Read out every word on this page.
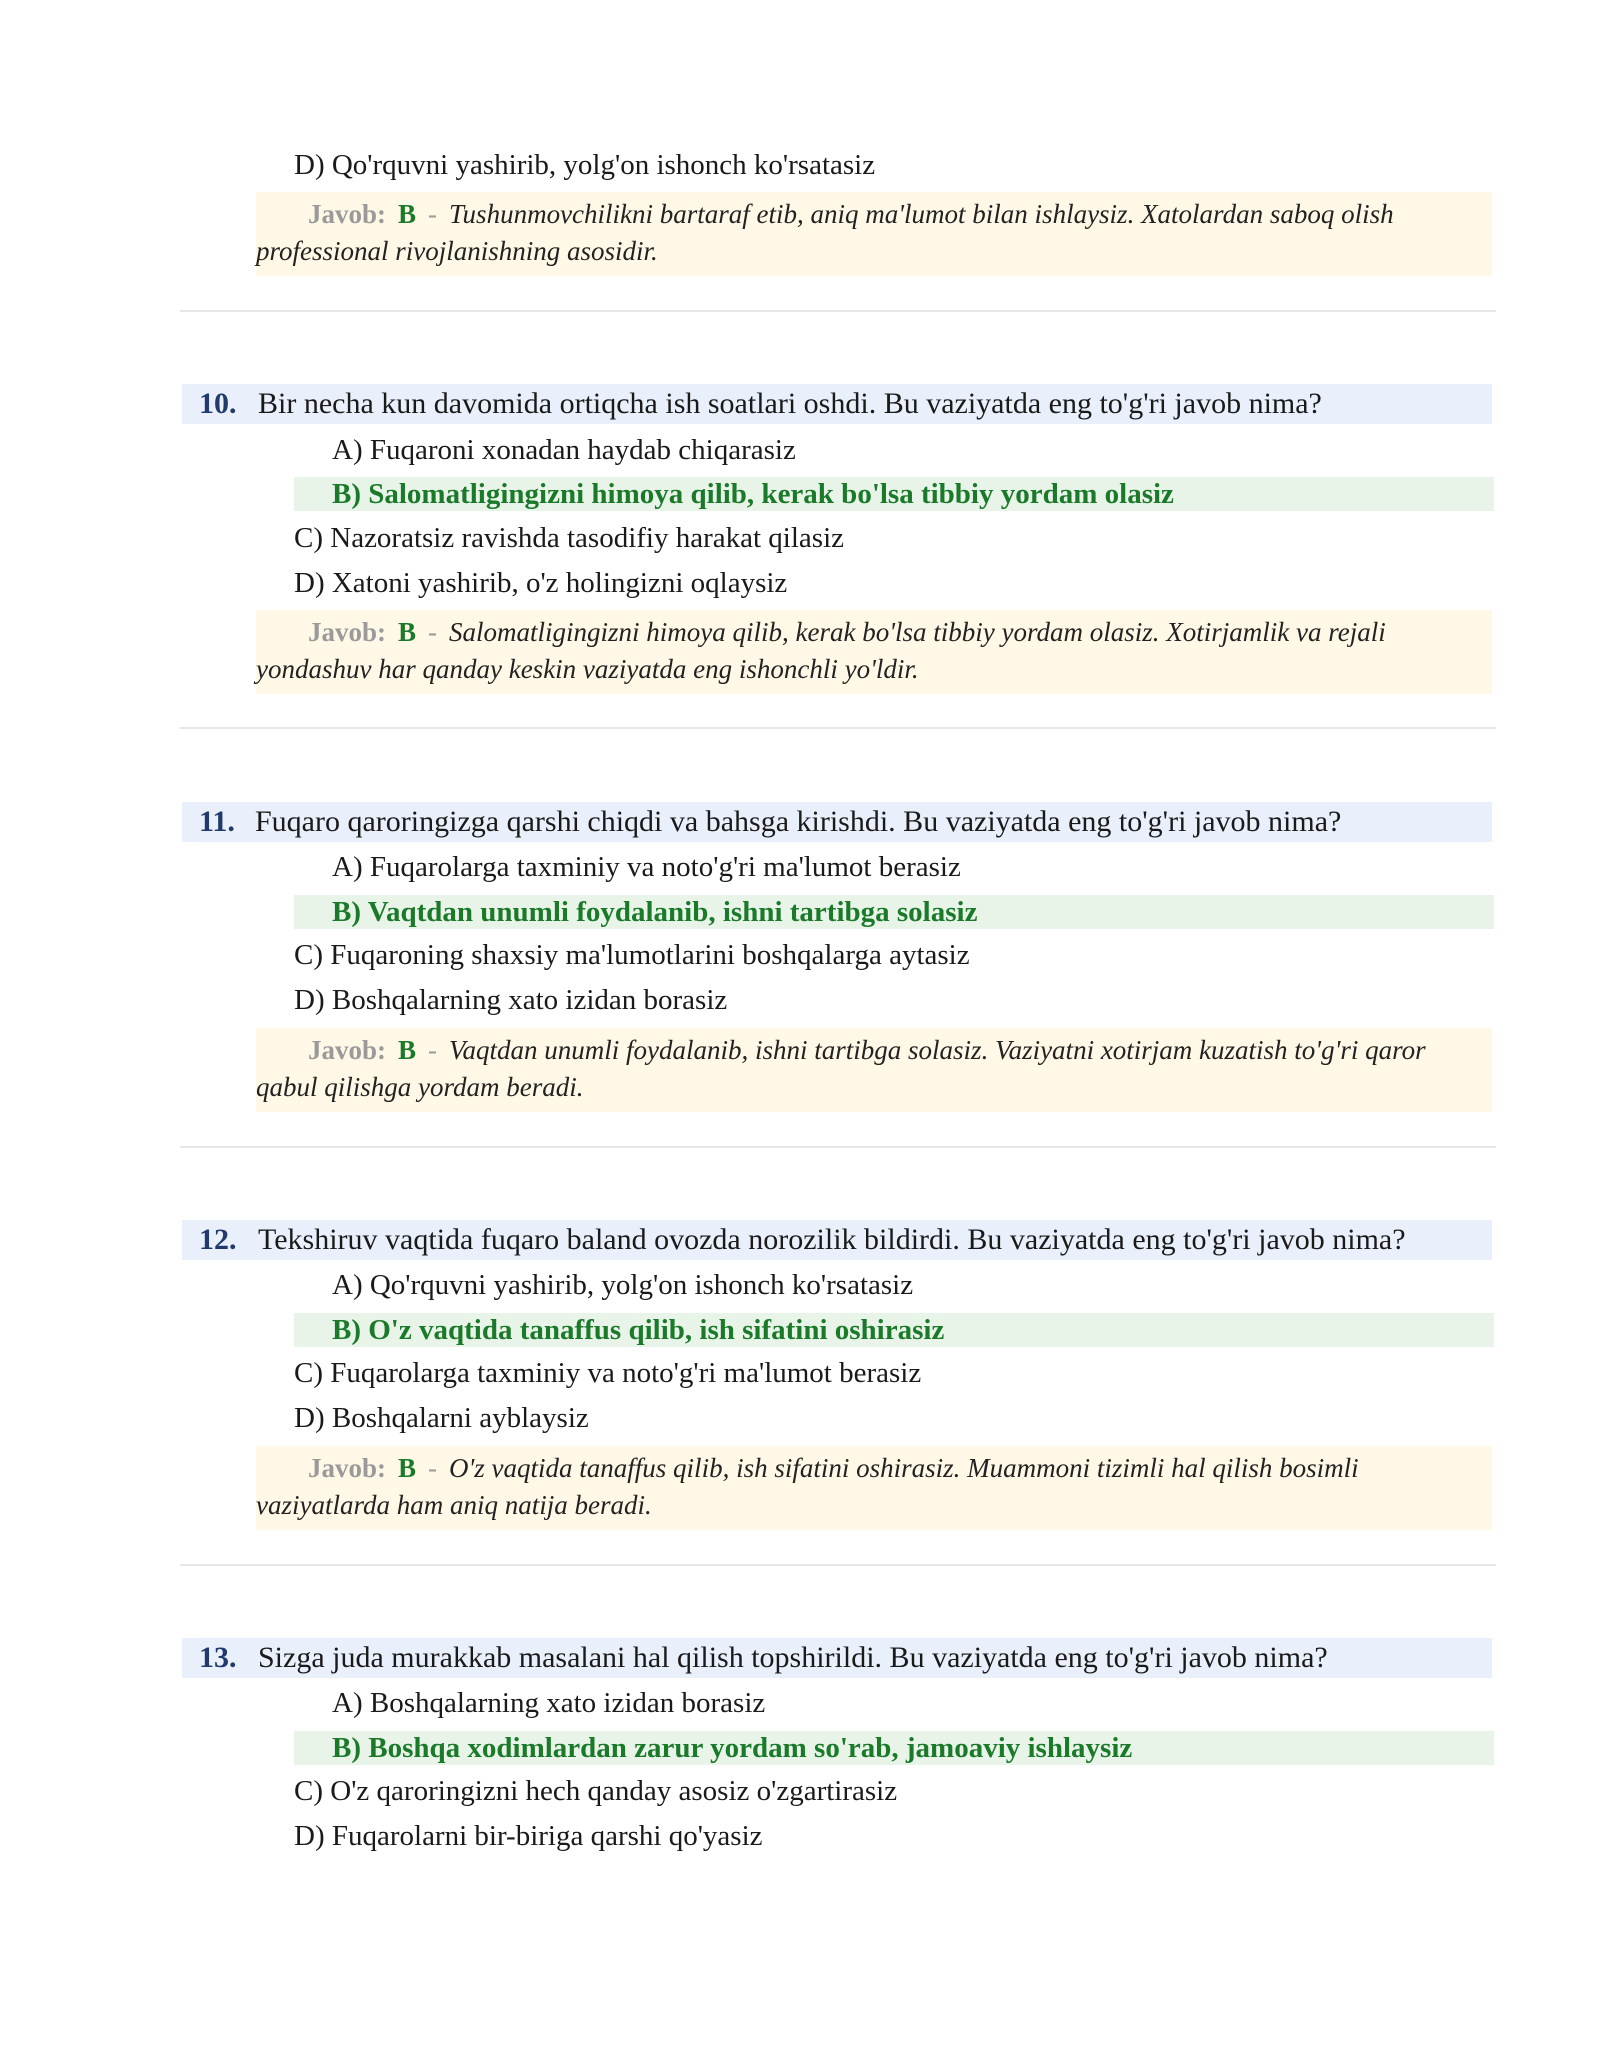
D) Qo'rquvni yashirib, yolg'on ishonch ko'rsatasiz
Javob: B - Tushunmovchilikni bartaraf etib, aniq ma'lumot bilan ishlaysiz. Xatolardan saboq olish professional rivojlanishning asosidir.
10. Bir necha kun davomida ortiqcha ish soatlari oshdi. Bu vaziyatda eng to'g'ri javob nima?
A) Fuqaroni xonadan haydab chiqarasiz
B) Salomatligingizni himoya qilib, kerak bo'lsa tibbiy yordam olasiz
C) Nazoratsiz ravishda tasodifiy harakat qilasiz
D) Xatoni yashirib, o'z holingizni oqlaysiz
Javob: B - Salomatligingizni himoya qilib, kerak bo'lsa tibbiy yordam olasiz. Xotirjamlik va rejali yondashuv har qanday keskin vaziyatda eng ishonchli yo'ldir.
11. Fuqaro qaroringizga qarshi chiqdi va bahsga kirishdi. Bu vaziyatda eng to'g'ri javob nima?
A) Fuqarolarga taxminiy va noto'g'ri ma'lumot berasiz
B) Vaqtdan unumli foydalanib, ishni tartibga solasiz
C) Fuqaroning shaxsiy ma'lumotlarini boshqalarga aytasiz
D) Boshqalarning xato izidan borasiz
Javob: B - Vaqtdan unumli foydalanib, ishni tartibga solasiz. Vaziyatni xotirjam kuzatish to'g'ri qaror qabul qilishga yordam beradi.
12. Tekshiruv vaqtida fuqaro baland ovozda norozilik bildirdi. Bu vaziyatda eng to'g'ri javob nima?
A) Qo'rquvni yashirib, yolg'on ishonch ko'rsatasiz
B) O'z vaqtida tanaffus qilib, ish sifatini oshirasiz
C) Fuqarolarga taxminiy va noto'g'ri ma'lumot berasiz
D) Boshqalarni ayblaysiz
Javob: B - O'z vaqtida tanaffus qilib, ish sifatini oshirasiz. Muammoni tizimli hal qilish bosimli vaziyatlarda ham aniq natija beradi.
13. Sizga juda murakkab masalani hal qilish topshirildi. Bu vaziyatda eng to'g'ri javob nima?
A) Boshqalarning xato izidan borasiz
B) Boshqa xodimlardan zarur yordam so'rab, jamoaviy ishlaysiz
C) O'z qaroringizni hech qanday asosiz o'zgartirasiz
D) Fuqarolarni bir-biriga qarshi qo'yasiz
